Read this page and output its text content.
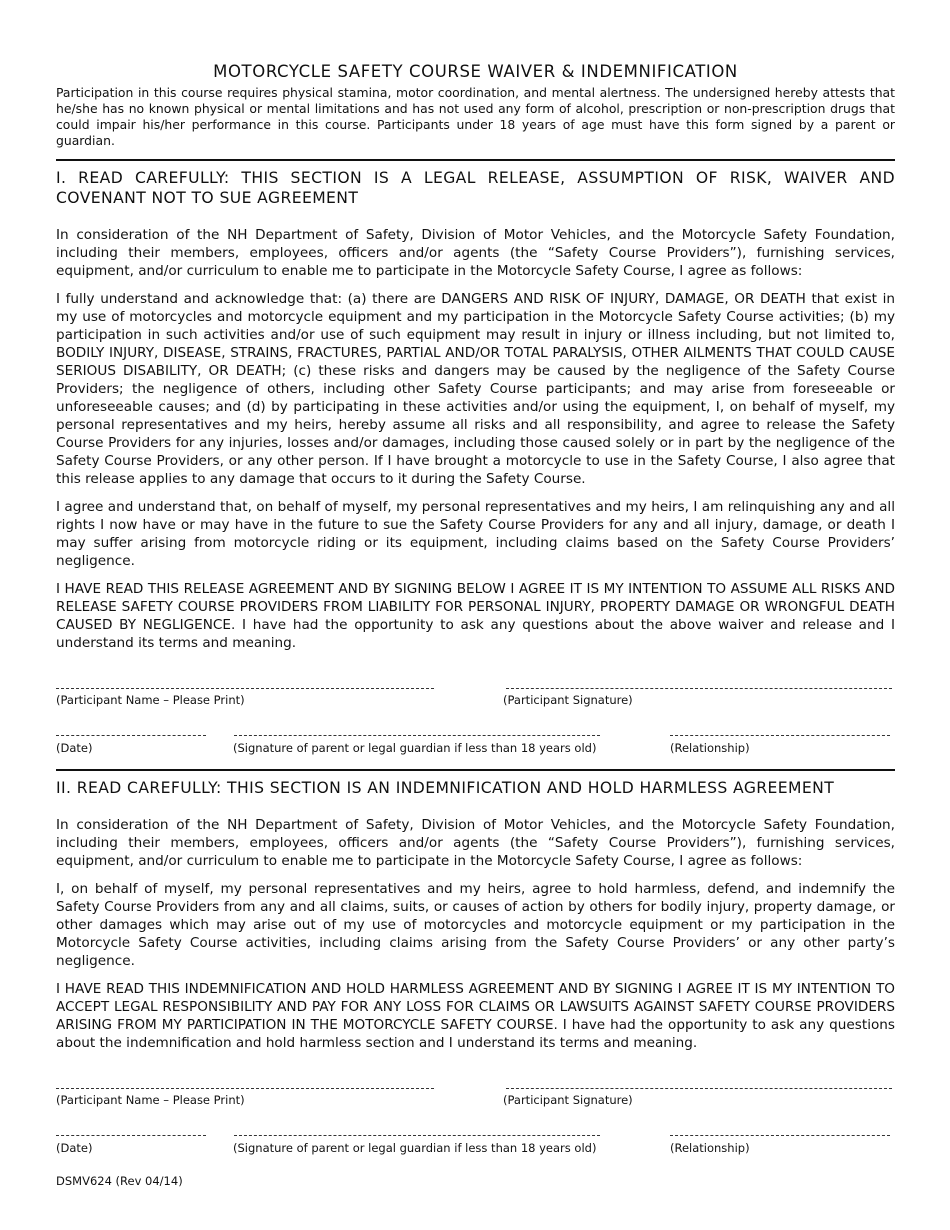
MOTORCYCLE SAFETY COURSE WAIVER & INDEMNIFICATION

Participation in this course requires physical stamina, motor coordination, and mental alertness. The undersigned hereby attests that he/she has no known physical or mental limitations and has not used any form of alcohol, prescription or non-prescription drugs that could impair his/her performance in this course. Participants under 18 years of age must have this form signed by a parent or guardian.

I. READ CAREFULLY: THIS SECTION IS A LEGAL RELEASE, ASSUMPTION OF RISK, WAIVER AND COVENANT NOT TO SUE AGREEMENT

In consideration of the NH Department of Safety, Division of Motor Vehicles, and the Motorcycle Safety Foundation, including their members, employees, officers and/or agents (the “Safety Course Providers”), furnishing services, equipment, and/or curriculum to enable me to participate in the Motorcycle Safety Course, I agree as follows:

I fully understand and acknowledge that: (a) there are DANGERS AND RISK OF INJURY, DAMAGE, OR DEATH that exist in my use of motorcycles and motorcycle equipment and my participation in the Motorcycle Safety Course activities; (b) my participation in such activities and/or use of such equipment may result in injury or illness including, but not limited to, BODILY INJURY, DISEASE, STRAINS, FRACTURES, PARTIAL AND/OR TOTAL PARALYSIS, OTHER AILMENTS THAT COULD CAUSE SERIOUS DISABILITY, OR DEATH; (c) these risks and dangers may be caused by the negligence of the Safety Course Providers; the negligence of others, including other Safety Course participants; and may arise from foreseeable or unforeseeable causes; and (d) by participating in these activities and/or using the equipment, I, on behalf of myself, my personal representatives and my heirs, hereby assume all risks and all responsibility, and agree to release the Safety Course Providers for any injuries, losses and/or damages, including those caused solely or in part by the negligence of the Safety Course Providers, or any other person. If I have brought a motorcycle to use in the Safety Course, I also agree that this release applies to any damage that occurs to it during the Safety Course.

I agree and understand that, on behalf of myself, my personal representatives and my heirs, I am relinquishing any and all rights I now have or may have in the future to sue the Safety Course Providers for any and all injury, damage, or death I may suffer arising from motorcycle riding or its equipment, including claims based on the Safety Course Providers’ negligence.

I HAVE READ THIS RELEASE AGREEMENT AND BY SIGNING BELOW I AGREE IT IS MY INTENTION TO ASSUME ALL RISKS AND RELEASE SAFETY COURSE PROVIDERS FROM LIABILITY FOR PERSONAL INJURY, PROPERTY DAMAGE OR WRONGFUL DEATH CAUSED BY NEGLIGENCE. I have had the opportunity to ask any questions about the above waiver and release and I understand its terms and meaning.

(Participant Name – Please Print)	(Participant Signature)
(Date)	(Signature of parent or legal guardian if less than 18 years old)	(Relationship)
II. READ CAREFULLY: THIS SECTION IS AN INDEMNIFICATION AND HOLD HARMLESS AGREEMENT

In consideration of the NH Department of Safety, Division of Motor Vehicles, and the Motorcycle Safety Foundation, including their members, employees, officers and/or agents (the “Safety Course Providers”), furnishing services, equipment, and/or curriculum to enable me to participate in the Motorcycle Safety Course, I agree as follows:

I, on behalf of myself, my personal representatives and my heirs, agree to hold harmless, defend, and indemnify the Safety Course Providers from any and all claims, suits, or causes of action by others for bodily injury, property damage, or other damages which may arise out of my use of motorcycles and motorcycle equipment or my participation in the Motorcycle Safety Course activities, including claims arising from the Safety Course Providers’ or any other party’s negligence.

I HAVE READ THIS INDEMNIFICATION AND HOLD HARMLESS AGREEMENT AND BY SIGNING I AGREE IT IS MY INTENTION TO ACCEPT LEGAL RESPONSIBILITY AND PAY FOR ANY LOSS FOR CLAIMS OR LAWSUITS AGAINST SAFETY COURSE PROVIDERS ARISING FROM MY PARTICIPATION IN THE MOTORCYCLE SAFETY COURSE. I have had the opportunity to ask any questions about the indemnification and hold harmless section and I understand its terms and meaning.

(Participant Name – Please Print)	(Participant Signature)
(Date)	(Signature of parent or legal guardian if less than 18 years old)	(Relationship)
DSMV624 (Rev 04/14)
